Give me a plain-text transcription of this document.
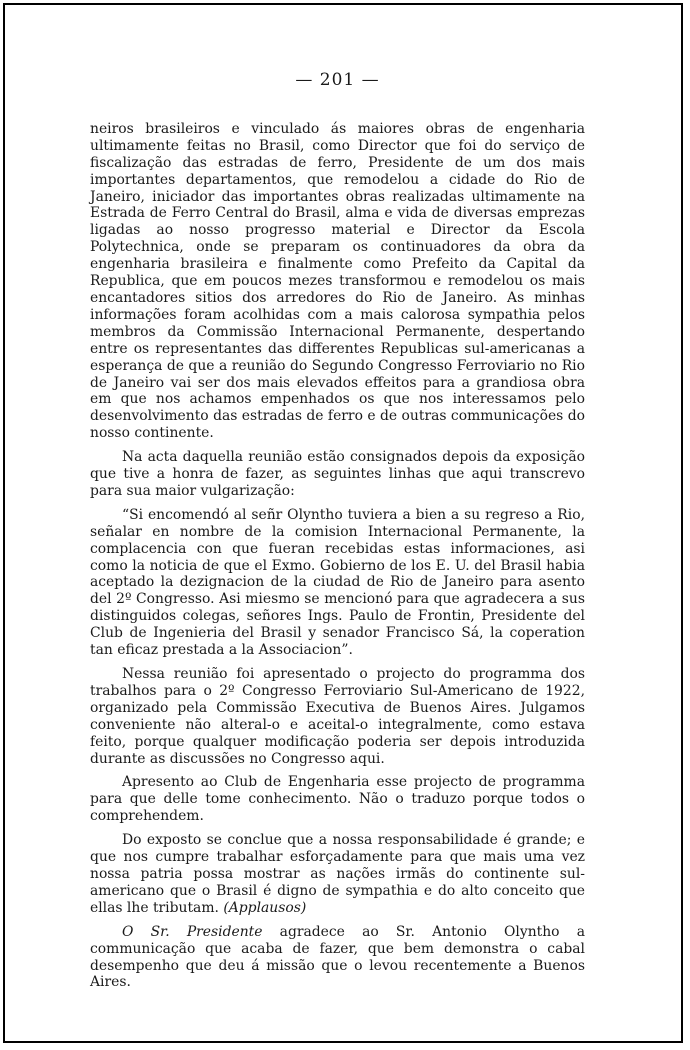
— 201 —

neiros brasileiros e vinculado ás maiores obras de engenharia ultimamente feitas no Brasil, como Director que foi do serviço de fiscalização das estradas de ferro, Presidente de um dos mais importantes departamentos, que remodelou a cidade do Rio de Janeiro, iniciador das importantes obras realizadas ultimamente na Estrada de Ferro Central do Brasil, alma e vida de diversas emprezas ligadas ao nosso progresso material e Director da Escola Polytechnica, onde se preparam os continuadores da obra da engenharia brasileira e finalmente como Prefeito da Capital da Republica, que em poucos mezes transformou e remodelou os mais encantadores sitios dos arredores do Rio de Janeiro. As minhas informações foram acolhidas com a mais calorosa sympathia pelos membros da Commissão Internacional Permanente, despertando entre os representantes das differentes Republicas sul-americanas a esperança de que a reunião do Segundo Congresso Ferroviario no Rio de Janeiro vai ser dos mais elevados effeitos para a grandiosa obra em que nos achamos empenhados os que nos interessamos pelo desenvolvimento das estradas de ferro e de outras communicações do nosso continente.

Na acta daquella reunião estão consignados depois da exposição que tive a honra de fazer, as seguintes linhas que aqui transcrevo para sua maior vulgarização:

“Si encomendó al señr Olyntho tuviera a bien a su regreso a Rio, señalar en nombre de la comision Internacional Permanente, la complacencia con que fueran recebidas estas informaciones, asi como la noticia de que el Exmo. Gobierno de los E. U. del Brasil habia aceptado la dezignacion de la ciudad de Rio de Janeiro para asento del 2º Congresso. Asi miesmo se mencionó para que agradecera a sus distinguidos colegas, señores Ings. Paulo de Frontin, Presidente del Club de Ingenieria del Brasil y senador Francisco Sá, la coperation tan eficaz prestada a la Associacion”.

Nessa reunião foi apresentado o projecto do programma dos trabalhos para o 2º Congresso Ferroviario Sul-Americano de 1922, organizado pela Commissão Executiva de Buenos Aires. Julgamos conveniente não alteral-o e aceital-o integralmente, como estava feito, porque qualquer modificação poderia ser depois introduzida durante as discussões no Congresso aqui.

Apresento ao Club de Engenharia esse projecto de programma para que delle tome conhecimento. Não o traduzo porque todos o comprehendem.

Do exposto se conclue que a nossa responsabilidade é grande; e que nos cumpre trabalhar esforçadamente para que mais uma vez nossa patria possa mostrar as nações irmãs do continente sul-americano que o Brasil é digno de sympathia e do alto conceito que ellas lhe tributam. (Applausos)

O Sr. Presidente agradece ao Sr. Antonio Olyntho a communicação que acaba de fazer, que bem demonstra o cabal desempenho que deu á missão que o levou recentemente a Buenos Aires.
